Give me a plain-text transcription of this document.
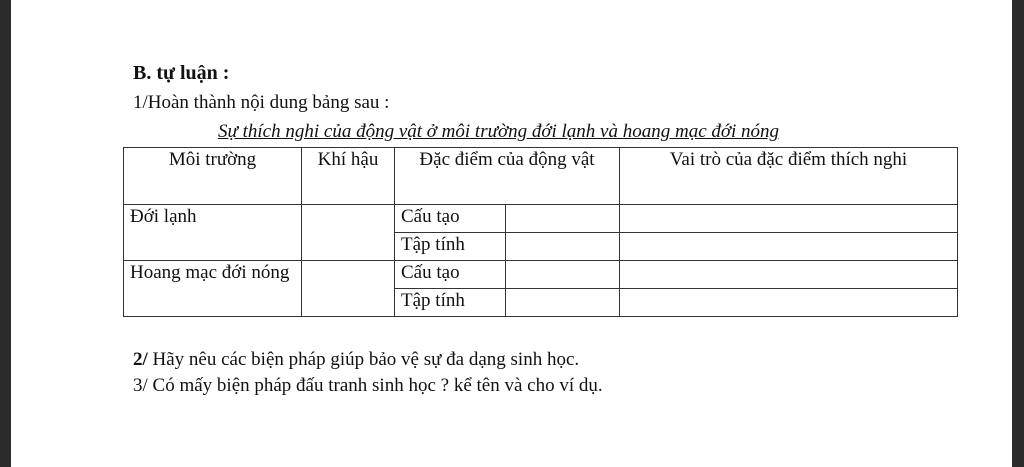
B. tự luận :
1/Hoàn thành nội dung bảng sau :
Sự thích nghi của động vật ở môi trường đới lạnh và hoang mạc đới nóng
Môi trường	Khí hậu	Đặc điểm của động vật		Vai trò của đặc điểm thích nghi
Đới lạnh		Cấu tạo		
		Tập tính		
Hoang mạc đới nóng		Cấu tạo		
		Tập tính		
2/ Hãy nêu các biện pháp giúp bảo vệ sự đa dạng sinh học.
3/ Có mấy biện pháp đấu tranh sinh học ? kể tên và cho ví dụ.
